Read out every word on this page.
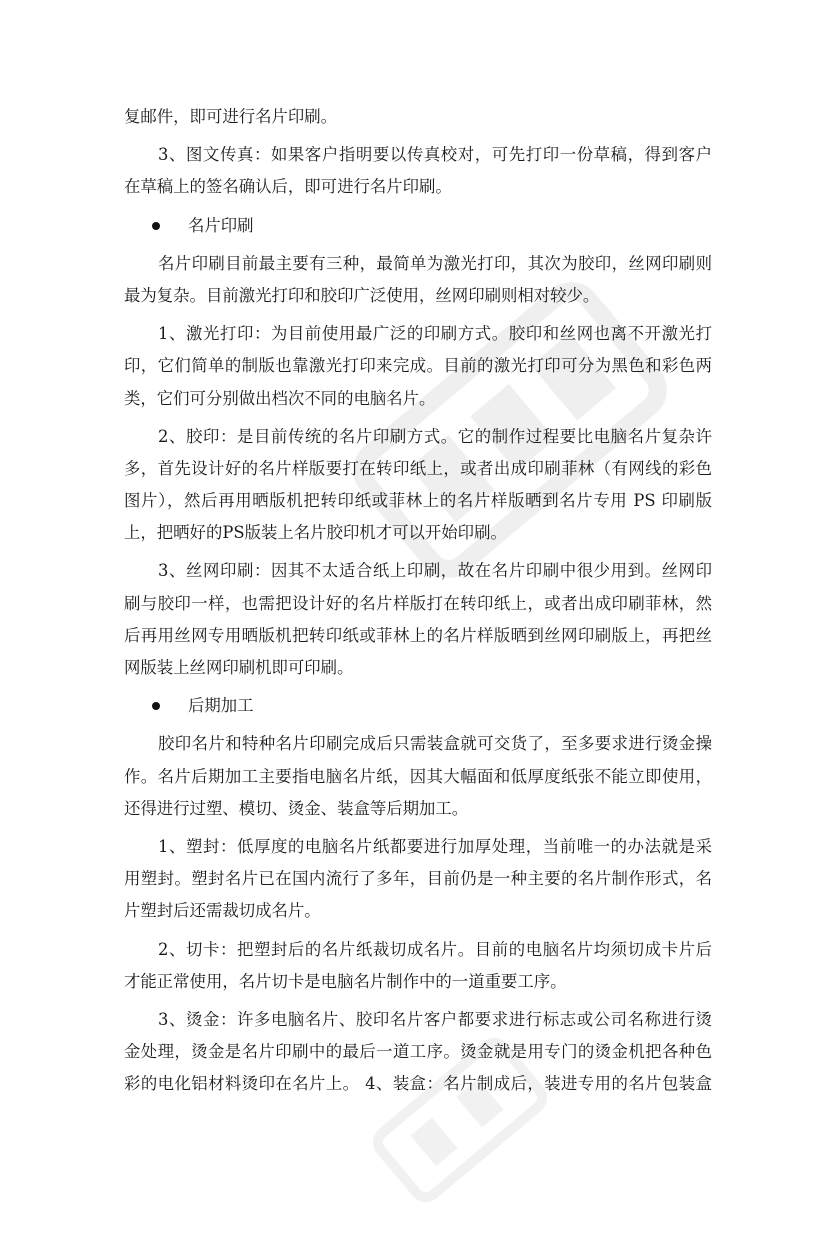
复邮件，即可进行名片印刷。
3、图文传真：如果客户指明要以传真校对，可先打印一份草稿，得到客户
在草稿上的签名确认后，即可进行名片印刷。
名片印刷
名片印刷目前最主要有三种，最简单为激光打印，其次为胶印，丝网印刷则
最为复杂。目前激光打印和胶印广泛使用，丝网印刷则相对较少。
1、激光打印：为目前使用最广泛的印刷方式。胶印和丝网也离不开激光打
印，它们简单的制版也靠激光打印来完成。目前的激光打印可分为黑色和彩色两
类，它们可分别做出档次不同的电脑名片。
2、胶印：是目前传统的名片印刷方式。它的制作过程要比电脑名片复杂许
多，首先设计好的名片样版要打在转印纸上，或者出成印刷菲林（有网线的彩色
图片），然后再用晒版机把转印纸或菲林上的名片样版晒到名片专用 PS 印刷版
上，把晒好的PS版装上名片胶印机才可以开始印刷。
3、丝网印刷：因其不太适合纸上印刷，故在名片印刷中很少用到。丝网印
刷与胶印一样，也需把设计好的名片样版打在转印纸上，或者出成印刷菲林，然
后再用丝网专用晒版机把转印纸或菲林上的名片样版晒到丝网印刷版上，再把丝
网版装上丝网印刷机即可印刷。
后期加工
胶印名片和特种名片印刷完成后只需装盒就可交货了，至多要求进行烫金操
作。名片后期加工主要指电脑名片纸，因其大幅面和低厚度纸张不能立即使用，
还得进行过塑、模切、烫金、装盒等后期加工。
1、塑封：低厚度的电脑名片纸都要进行加厚处理，当前唯一的办法就是采
用塑封。塑封名片已在国内流行了多年，目前仍是一种主要的名片制作形式，名
片塑封后还需裁切成名片。
2、切卡：把塑封后的名片纸裁切成名片。目前的电脑名片均须切成卡片后
才能正常使用，名片切卡是电脑名片制作中的一道重要工序。
3、烫金：许多电脑名片、胶印名片客户都要求进行标志或公司名称进行烫
金处理，烫金是名片印刷中的最后一道工序。烫金就是用专门的烫金机把各种色
彩的电化铝材料烫印在名片上。 4、装盒：名片制成后，装进专用的名片包装盒
